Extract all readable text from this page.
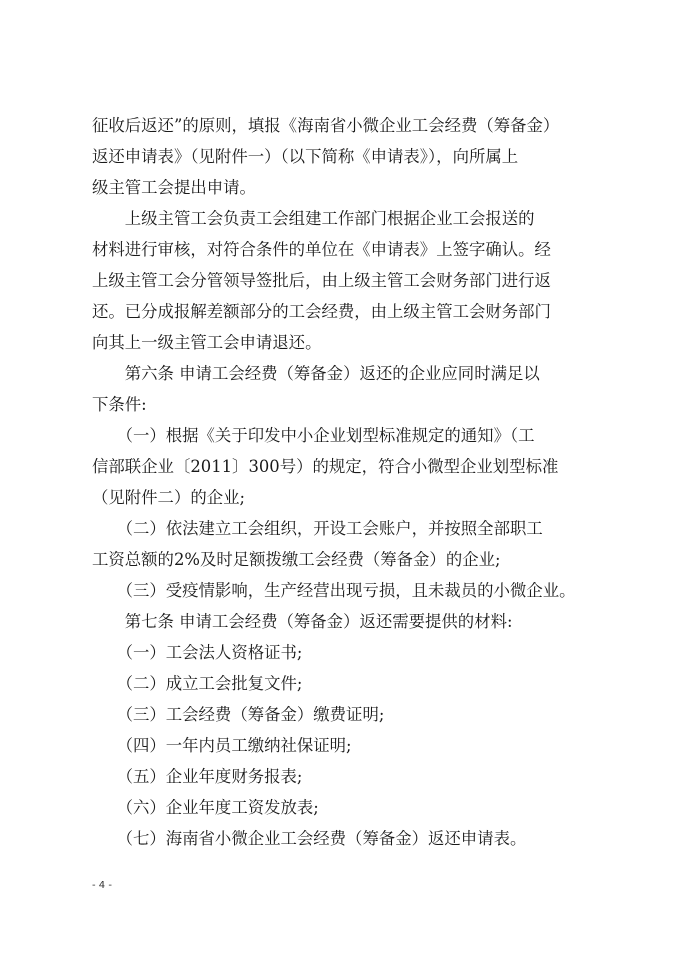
征收后返还”的原则，填报《海南省小微企业工会经费（筹备金）

返还申请表》（见附件一）（以下简称《申请表》），向所属上

级主管工会提出申请。

　　上级主管工会负责工会组建工作部门根据企业工会报送的

材料进行审核，对符合条件的单位在《申请表》上签字确认。经

上级主管工会分管领导签批后，由上级主管工会财务部门进行返

还。已分成报解差额部分的工会经费，由上级主管工会财务部门

向其上一级主管工会申请退还。

　　第六条 申请工会经费（筹备金）返还的企业应同时满足以

下条件:

　　（一）根据《关于印发中小企业划型标准规定的通知》（工

信部联企业〔2011〕300号）的规定，符合小微型企业划型标准

（见附件二）的企业;

　　（二）依法建立工会组织，开设工会账户，并按照全部职工

工资总额的2%及时足额拨缴工会经费（筹备金）的企业;

　　（三）受疫情影响，生产经营出现亏损，且未裁员的小微企业。

　　第七条 申请工会经费（筹备金）返还需要提供的材料:

　　（一）工会法人资格证书;

　　（二）成立工会批复文件;

　　（三）工会经费（筹备金）缴费证明;

　　（四）一年内员工缴纳社保证明;

　　（五）企业年度财务报表;

　　（六）企业年度工资发放表;

　　（七）海南省小微企业工会经费（筹备金）返还申请表。

- 4 -
